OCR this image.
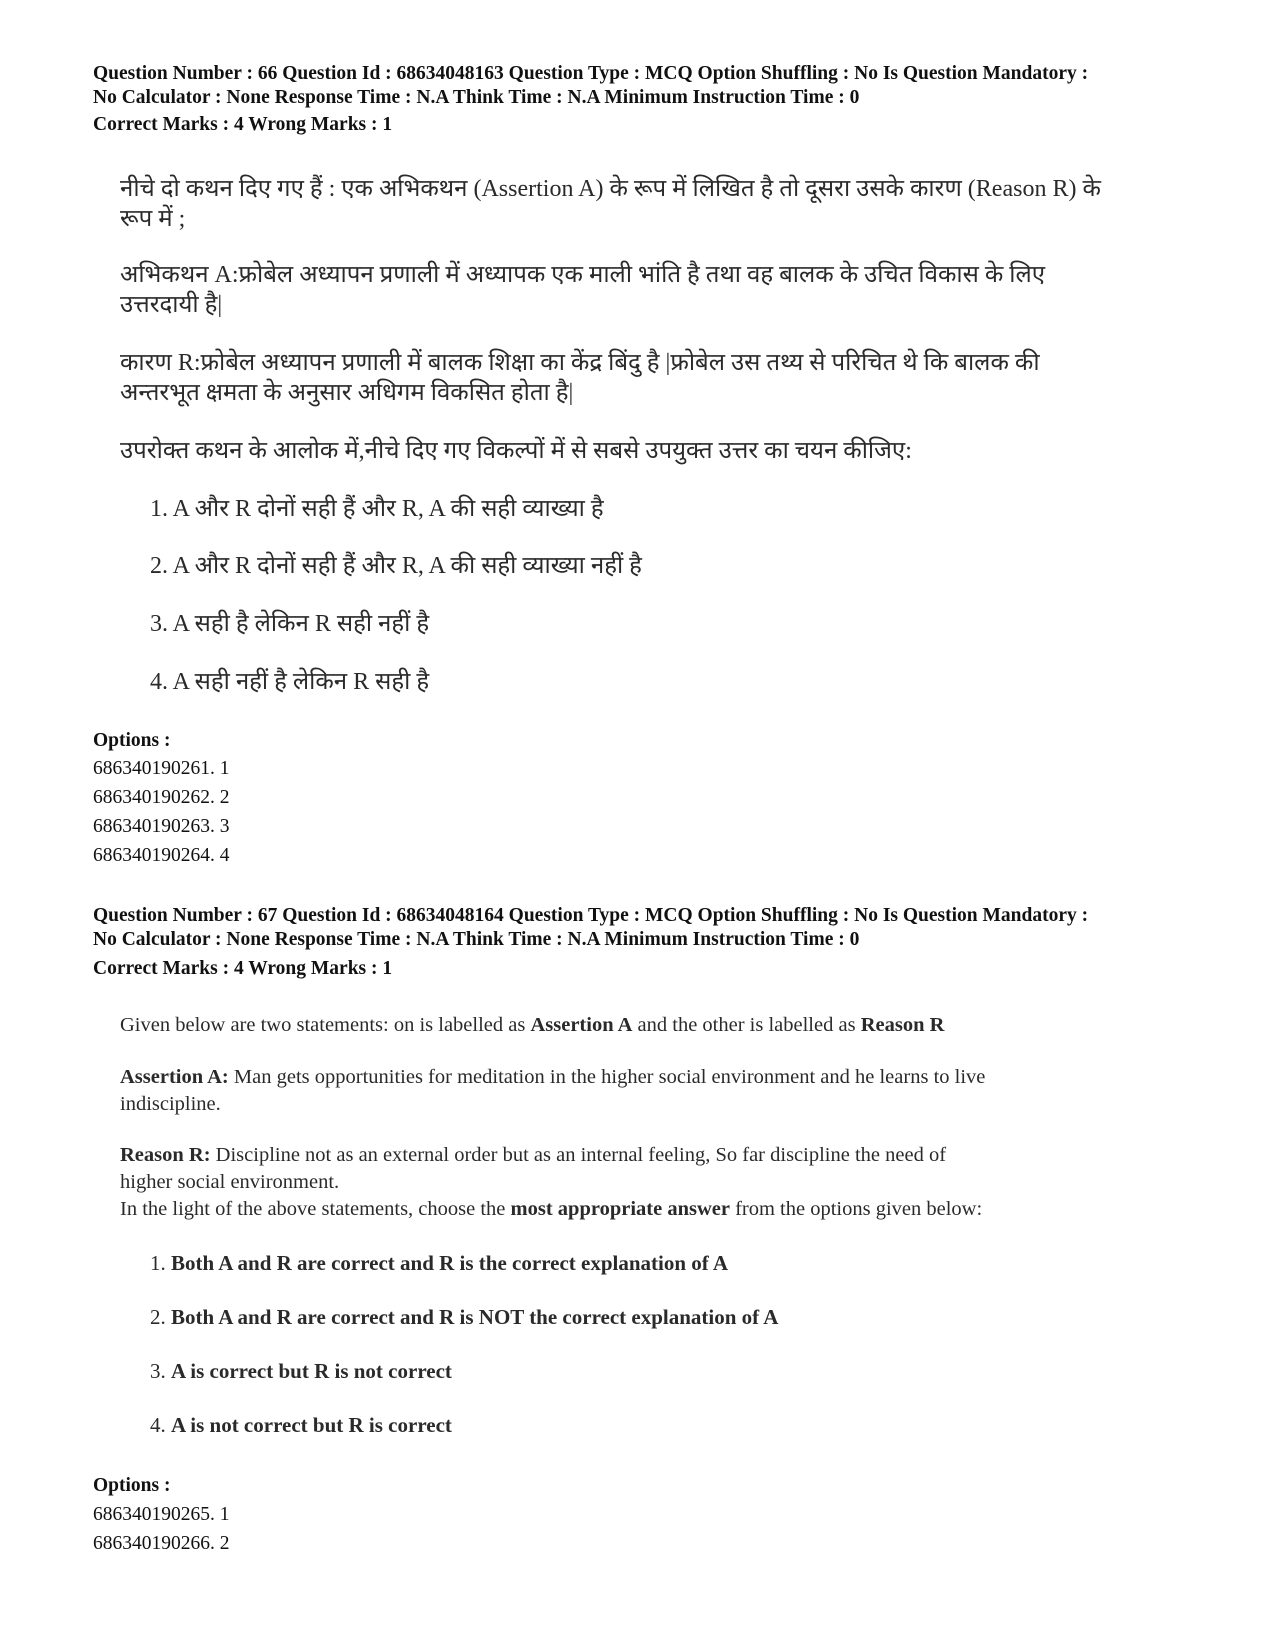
Question Number : 66 Question Id : 68634048163 Question Type : MCQ Option Shuffling : No Is Question Mandatory :
No Calculator : None Response Time : N.A Think Time : N.A Minimum Instruction Time : 0
Correct Marks : 4 Wrong Marks : 1
नीचे दो कथन दिए गए हैं : एक अभिकथन (Assertion A) के रूप में लिखित है तो दूसरा उसके कारण (Reason R) के
रूप में ;
अभिकथन A:फ्रोबेल अध्यापन प्रणाली में अध्यापक एक माली भांति है तथा वह बालक के उचित विकास के लिए
उत्तरदायी है|
कारण R:फ्रोबेल अध्यापन प्रणाली में बालक शिक्षा का केंद्र बिंदु है |फ्रोबेल उस तथ्य से परिचित थे कि बालक की
अन्तरभूत क्षमता के अनुसार अधिगम विकसित होता है|
उपरोक्त कथन के आलोक में,नीचे दिए गए विकल्पों में से सबसे उपयुक्त उत्तर का चयन कीजिए:
1. A और R दोनों सही हैं और R, A की सही व्याख्या है
2. A और R दोनों सही हैं और R, A की सही व्याख्या नहीं है
3. A सही है लेकिन R सही नहीं है
4. A सही नहीं है लेकिन R सही है
Options :
686340190261. 1
686340190262. 2
686340190263. 3
686340190264. 4
Question Number : 67 Question Id : 68634048164 Question Type : MCQ Option Shuffling : No Is Question Mandatory :
No Calculator : None Response Time : N.A Think Time : N.A Minimum Instruction Time : 0
Correct Marks : 4 Wrong Marks : 1
Given below are two statements: on is labelled as Assertion A and the other is labelled as Reason R
Assertion A: Man gets opportunities for meditation in the higher social environment and he learns to live
indiscipline.
Reason R: Discipline not as an external order but as an internal feeling, So far discipline the need of
higher social environment.
In the light of the above statements, choose the most appropriate answer from the options given below:
1. Both A and R are correct and R is the correct explanation of A
2. Both A and R are correct and R is NOT the correct explanation of A
3. A is correct but R is not correct
4. A is not correct but R is correct
Options :
686340190265. 1
686340190266. 2
